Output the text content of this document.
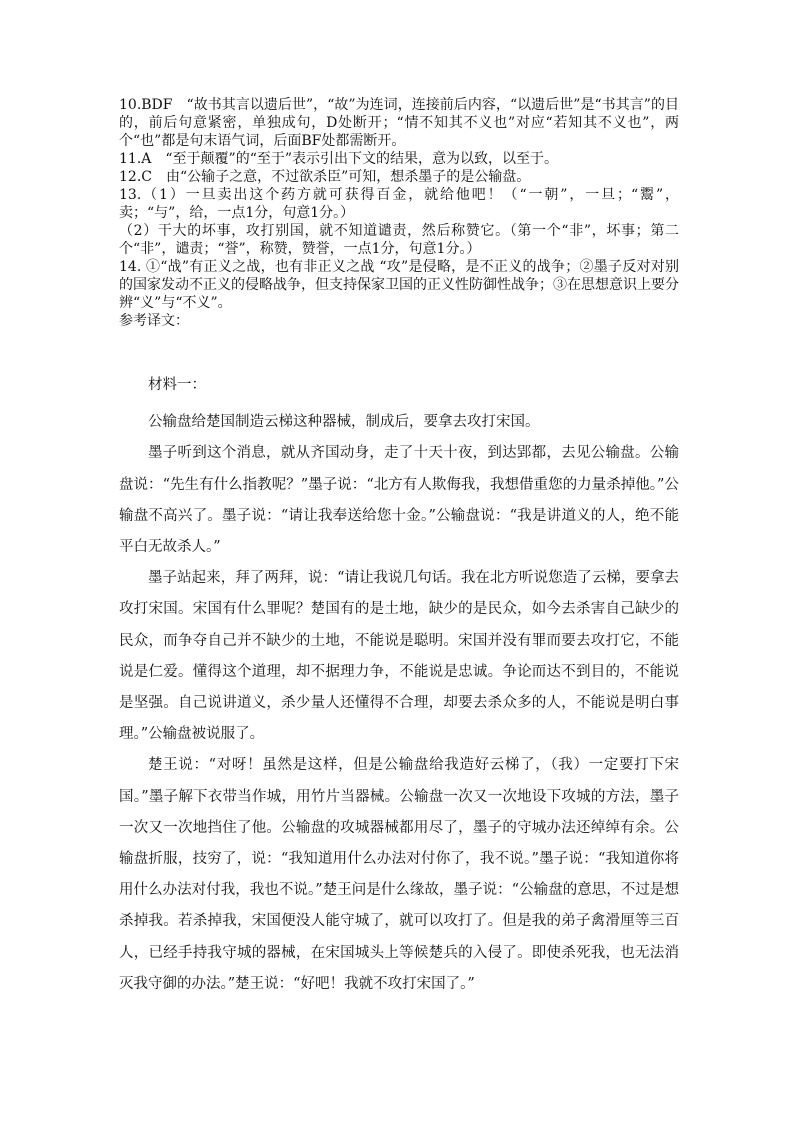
10.BDF　“故书其言以遗后世”，“故”为连词，连接前后内容，“以遗后世”是“书其言”的目的，前后句意紧密，单独成句，D处断开；“情不知其不义也”对应“若知其不义也”，两个“也”都是句末语气词，后面BF处都需断开。

11.A　“至于颠覆”的“至于”表示引出下文的结果，意为以致，以至于。

12.C　由“公输子之意，不过欲杀臣”可知，想杀墨子的是公输盘。

13.（1）一旦卖出这个药方就可获得百金，就给他吧！（“一朝”，一旦；“鬻”，卖；“与”，给，一点1分，句意1分。）

（2）干大的坏事，攻打别国，就不知道谴责，然后称赞它。（第一个“非”，坏事；第二个“非”，谴责；“誉”，称赞，赞誉，一点1分，句意1分。）

14. ①“战”有正义之战，也有非正义之战 “攻”是侵略，是不正义的战争；②墨子反对对别的国家发动不正义的侵略战争，但支持保家卫国的正义性防御性战争；③在思想意识上要分辨“义”与“不义”。

参考译文：

材料一：

公输盘给楚国制造云梯这种器械，制成后，要拿去攻打宋国。

墨子听到这个消息，就从齐国动身，走了十天十夜，到达郢都，去见公输盘。公输盘说：“先生有什么指教呢？”墨子说：“北方有人欺侮我，我想借重您的力量杀掉他。”公输盘不高兴了。墨子说：“请让我奉送给您十金。”公输盘说：“我是讲道义的人，绝不能平白无故杀人。”

墨子站起来，拜了两拜，说：“请让我说几句话。我在北方听说您造了云梯，要拿去攻打宋国。宋国有什么罪呢？楚国有的是土地，缺少的是民众，如今去杀害自己缺少的民众，而争夺自己并不缺少的土地，不能说是聪明。宋国并没有罪而要去攻打它，不能说是仁爱。懂得这个道理，却不据理力争，不能说是忠诚。争论而达不到目的，不能说是坚强。自己说讲道义，杀少量人还懂得不合理，却要去杀众多的人，不能说是明白事理。”公输盘被说服了。

楚王说：“对呀！虽然是这样，但是公输盘给我造好云梯了，（我）一定要打下宋国。”墨子解下衣带当作城，用竹片当器械。公输盘一次又一次地设下攻城的方法，墨子一次又一次地挡住了他。公输盘的攻城器械都用尽了，墨子的守城办法还绰绰有余。公输盘折服，技穷了，说：“我知道用什么办法对付你了，我不说。”墨子说：“我知道你将用什么办法对付我，我也不说。”楚王问是什么缘故，墨子说：“公输盘的意思，不过是想杀掉我。若杀掉我，宋国便没人能守城了，就可以攻打了。但是我的弟子禽滑厘等三百人，已经手持我守城的器械，在宋国城头上等候楚兵的入侵了。即使杀死我，也无法消灭我守御的办法。”楚王说：“好吧！我就不攻打宋国了。”
